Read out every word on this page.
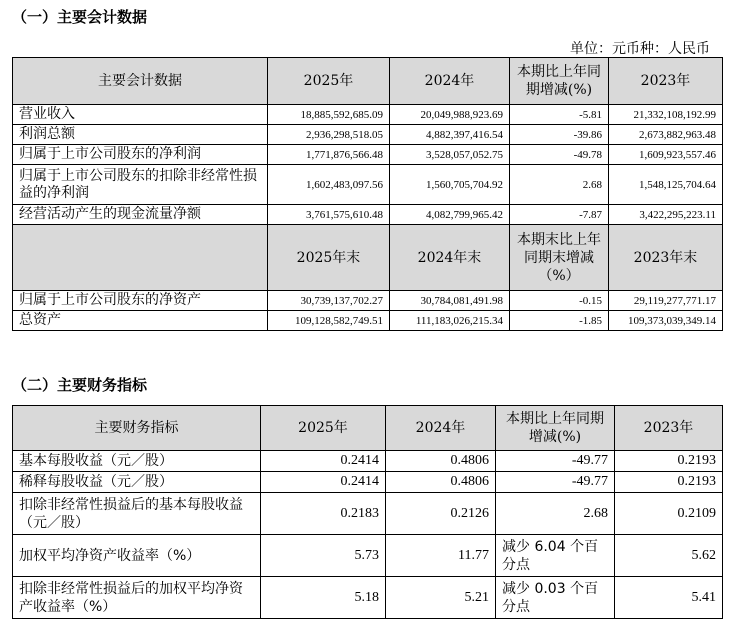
（一）主要会计数据
单位：元币种：人民币
主要会计数据	2025年	2024年	本期比上年同期增减(%)	2023年
营业收入	18,885,592,685.09	20,049,988,923.69	-5.81	21,332,108,192.99
利润总额	2,936,298,518.05	4,882,397,416.54	-39.86	2,673,882,963.48
归属于上市公司股东的净利润	1,771,876,566.48	3,528,057,052.75	-49.78	1,609,923,557.46
归属于上市公司股东的扣除非经常性损益的净利润	1,602,483,097.56	1,560,705,704.92	2.68	1,548,125,704.64
经营活动产生的现金流量净额	3,761,575,610.48	4,082,799,965.42	-7.87	3,422,295,223.11
	2025年末	2024年末	本期末比上年同期末增减（%）	2023年末
归属于上市公司股东的净资产	30,739,137,702.27	30,784,081,491.98	-0.15	29,119,277,771.17
总资产	109,128,582,749.51	111,183,026,215.34	-1.85	109,373,039,349.14
（二）主要财务指标
主要财务指标	2025年	2024年	本期比上年同期增减(%)	2023年
基本每股收益（元／股）	0.2414	0.4806	-49.77	0.2193
稀释每股收益（元／股）	0.2414	0.4806	-49.77	0.2193
扣除非经常性损益后的基本每股收益（元／股）	0.2183	0.2126	2.68	0.2109
加权平均净资产收益率（%）	5.73	11.77	减少 6.04 个百分点	5.62
扣除非经常性损益后的加权平均净资产收益率（%）	5.18	5.21	减少 0.03 个百分点	5.41
